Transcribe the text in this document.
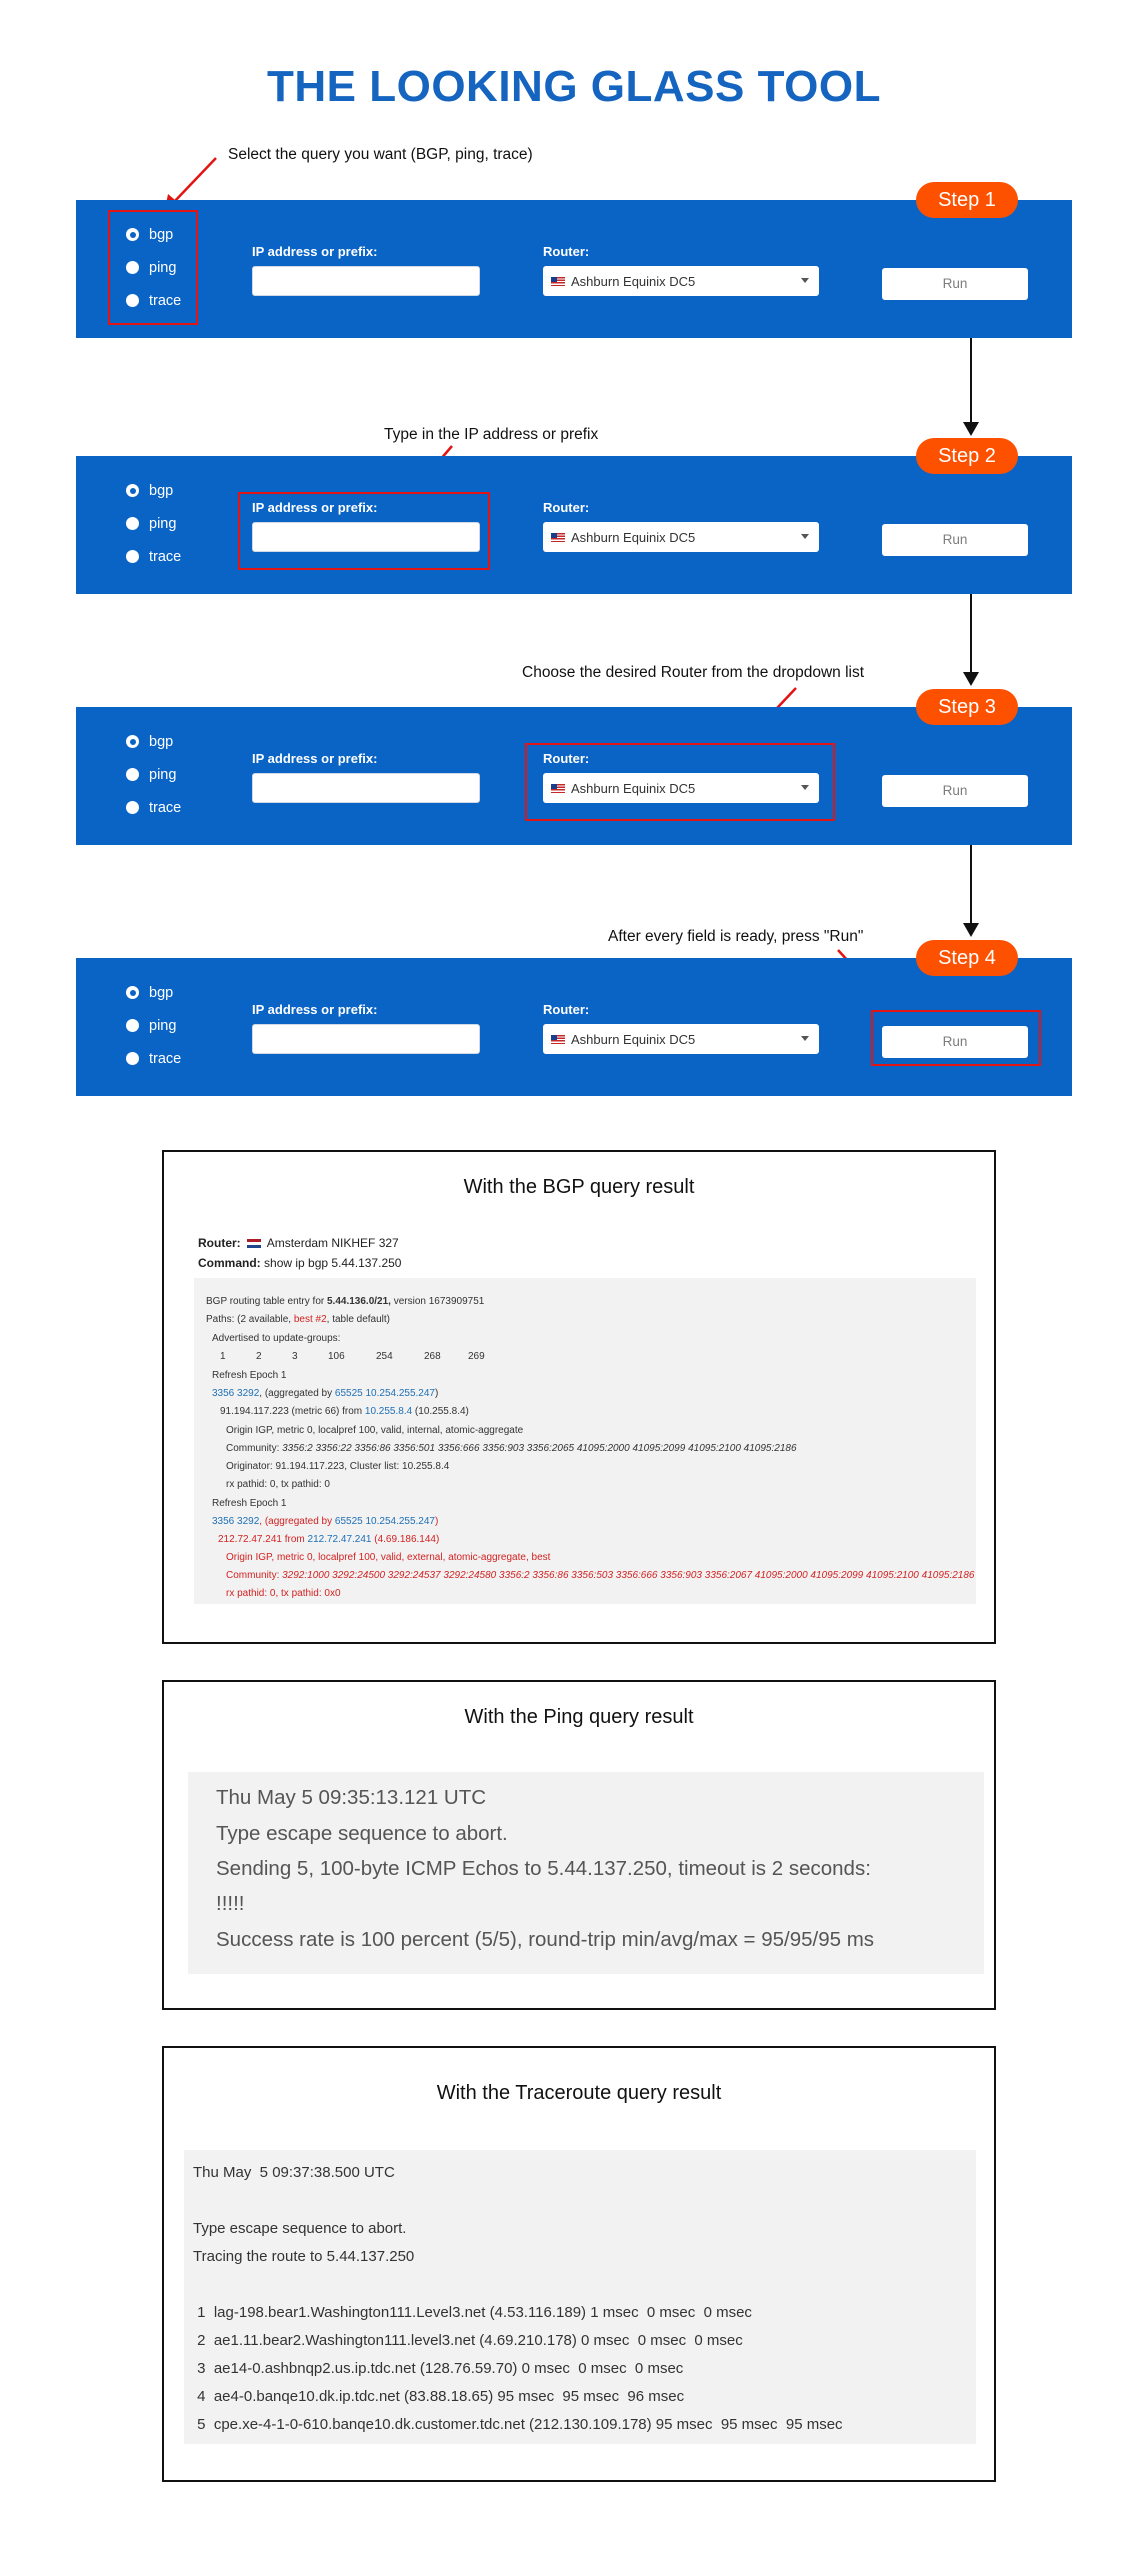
THE LOOKING GLASS TOOL
Select the query you want (BGP, ping, trace)
Step 1
bgp
ping
trace
IP address or prefix:	Router:
Ashburn Equinix DC5	Run
Type in the IP address or prefix
Step 2
bgp
ping
trace
IP address or prefix:	Router:
Ashburn Equinix DC5	Run
Choose the desired Router from the dropdown list
Step 3
bgp
ping
trace
IP address or prefix:	Router:
Ashburn Equinix DC5	Run
After every field is ready, press "Run"
Step 4
bgp
ping
trace
IP address or prefix:	Router:
Ashburn Equinix DC5	Run
With the BGP query result
Router: Amsterdam NIKHEF 327
Command: show ip bgp 5.44.137.250
BGP routing table entry for 5.44.136.0/21, version 1673909751
Paths: (2 available, best #2, table default)
Advertised to update-groups:
1	2	3	106	254	268	269
Refresh Epoch 1
3356 3292, (aggregated by 65525 10.254.255.247)
91.194.117.223 (metric 66) from 10.255.8.4 (10.255.8.4)
Origin IGP, metric 0, localpref 100, valid, internal, atomic-aggregate
Community: 3356:2 3356:22 3356:86 3356:501 3356:666 3356:903 3356:2065 41095:2000 41095:2099 41095:2100 41095:2186
Originator: 91.194.117.223, Cluster list: 10.255.8.4
rx pathid: 0, tx pathid: 0
Refresh Epoch 1
3356 3292, (aggregated by 65525 10.254.255.247)
212.72.47.241 from 212.72.47.241 (4.69.186.144)
Origin IGP, metric 0, localpref 100, valid, external, atomic-aggregate, best
Community: 3292:1000 3292:24500 3292:24537 3292:24580 3356:2 3356:86 3356:503 3356:666 3356:903 3356:2067 41095:2000 41095:2099 41095:2100 41095:2186
rx pathid: 0, tx pathid: 0x0
With the Ping query result
Thu May 5 09:35:13.121 UTC
Type escape sequence to abort.
Sending 5, 100-byte ICMP Echos to 5.44.137.250, timeout is 2 seconds:
!!!!!
Success rate is 100 percent (5/5), round-trip min/avg/max = 95/95/95 ms
With the Traceroute query result
Thu May  5 09:37:38.500 UTC
Type escape sequence to abort.
Tracing the route to 5.44.137.250
1  lag-198.bear1.Washington111.Level3.net (4.53.116.189) 1 msec  0 msec  0 msec
2  ae1.11.bear2.Washington111.level3.net (4.69.210.178) 0 msec  0 msec  0 msec
3  ae14-0.ashbnqp2.us.ip.tdc.net (128.76.59.70) 0 msec  0 msec  0 msec
4  ae4-0.banqe10.dk.ip.tdc.net (83.88.18.65) 95 msec  95 msec  96 msec
5  cpe.xe-4-1-0-610.banqe10.dk.customer.tdc.net (212.130.109.178) 95 msec  95 msec  95 msec
